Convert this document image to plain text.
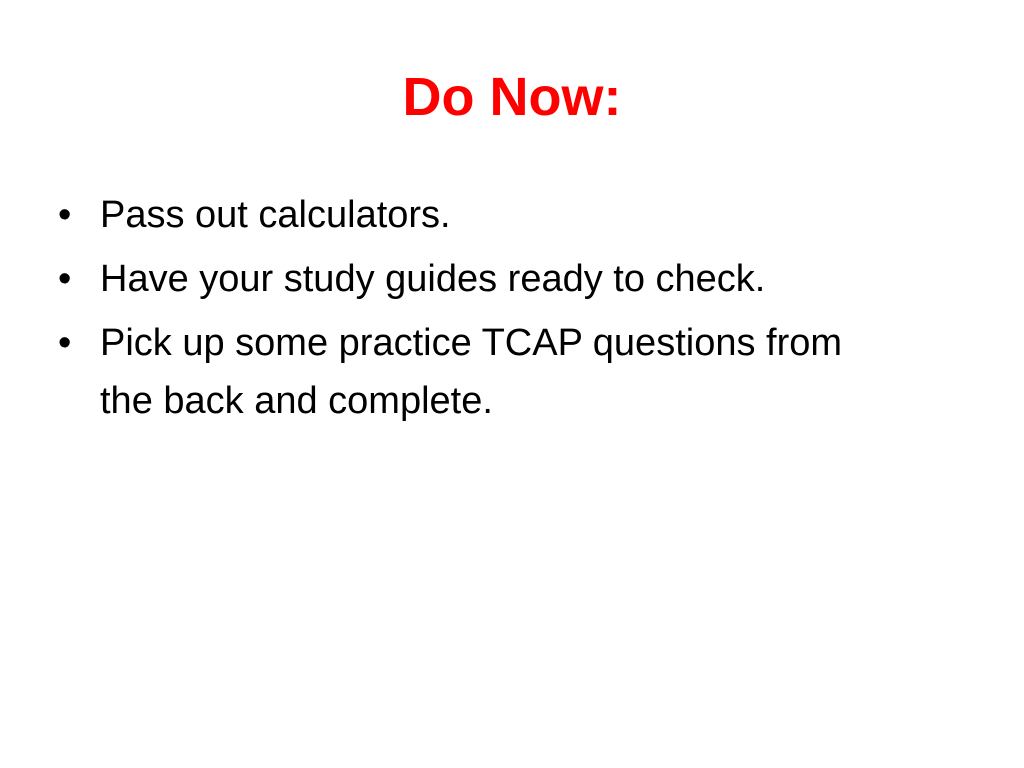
Do Now:
• Pass out calculators.
• Have your study guides ready to check.
• Pick up some practice TCAP questions from the back and complete.
